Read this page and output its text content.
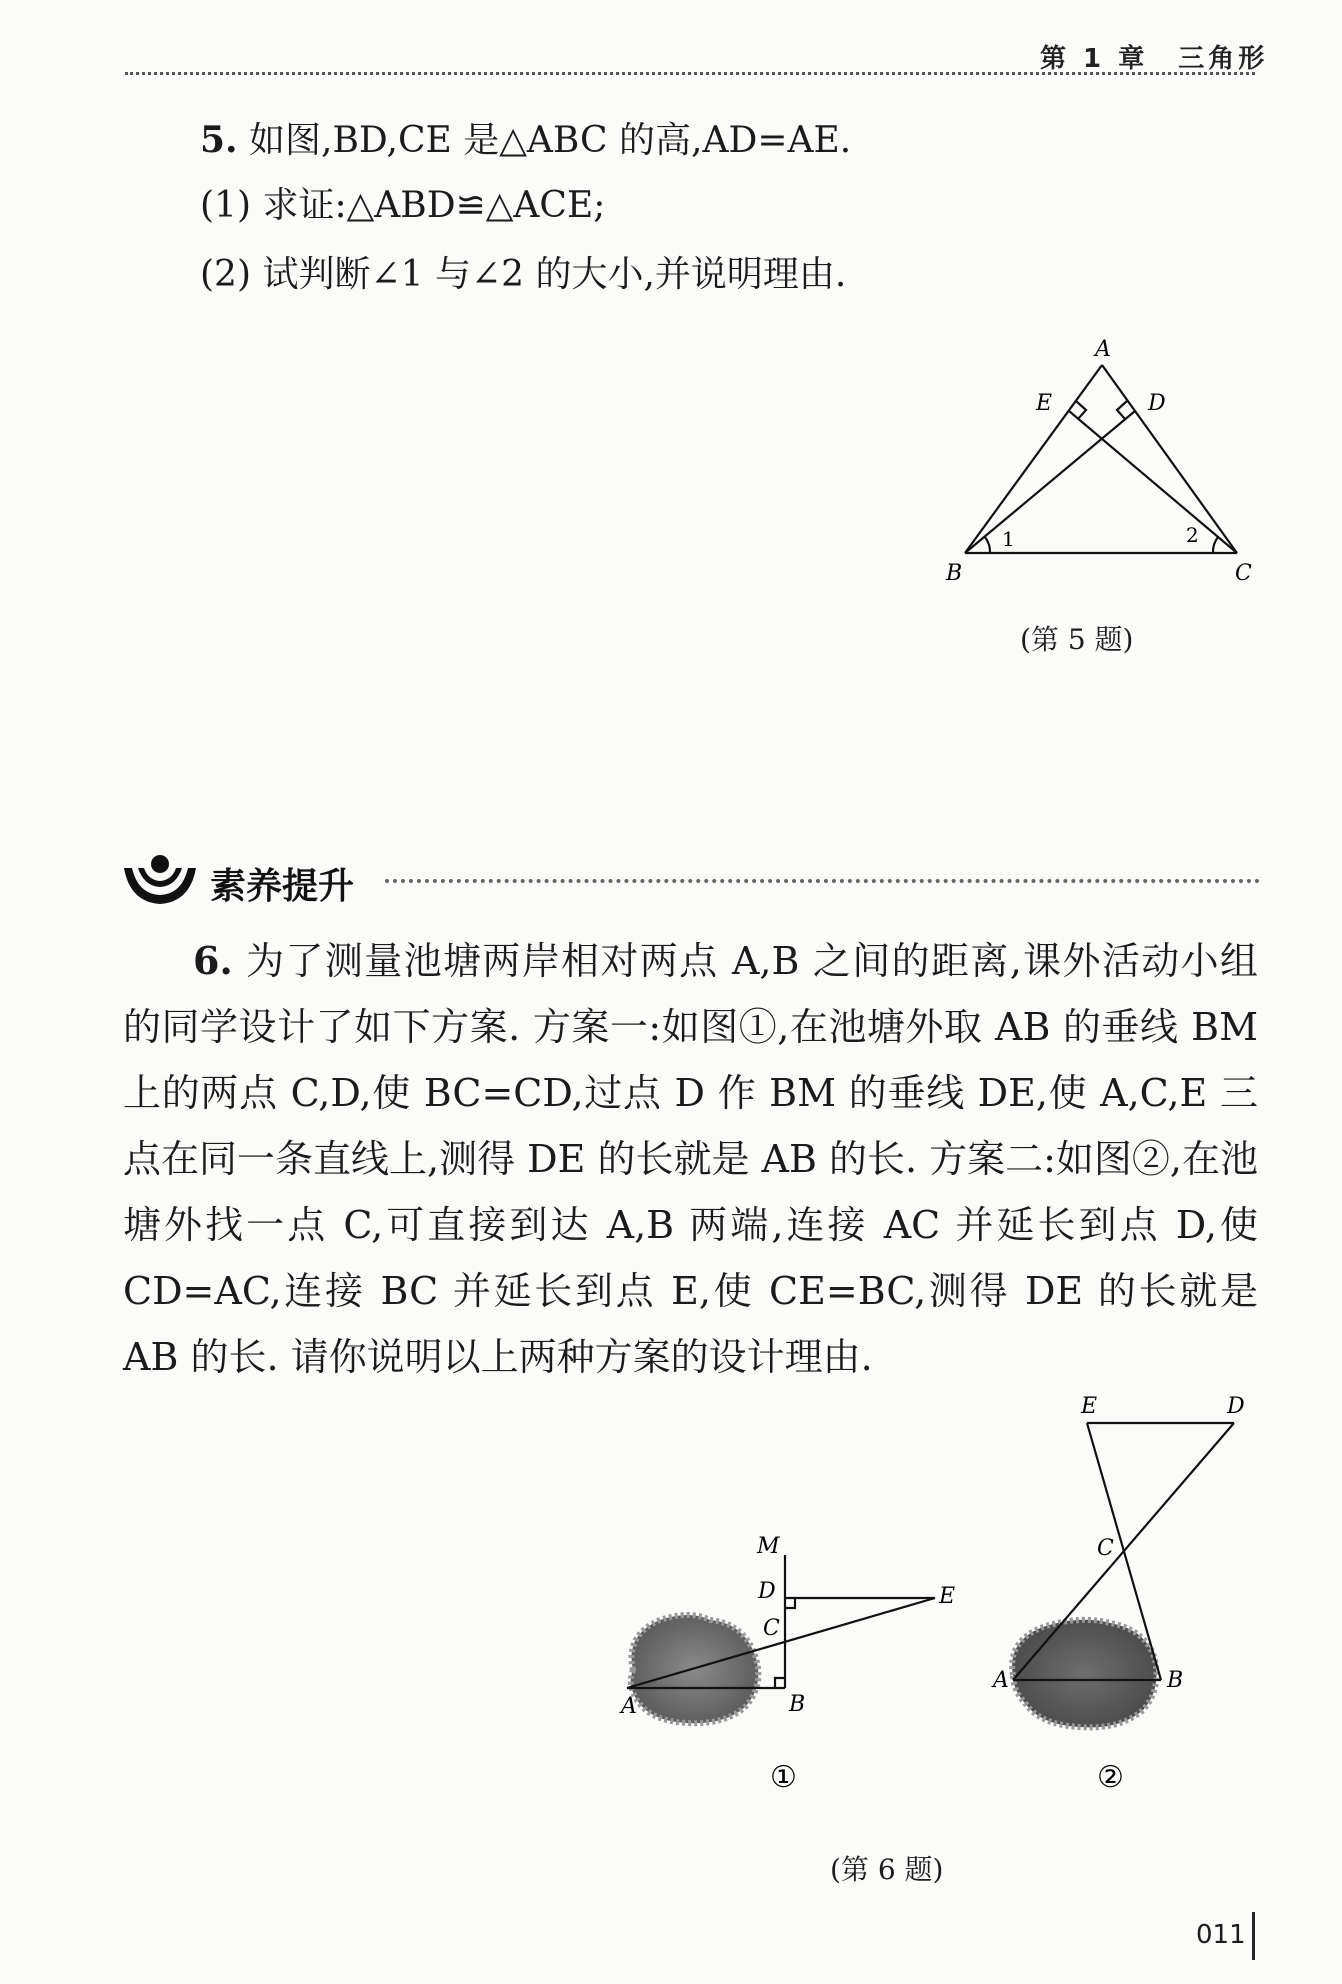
第 1 章　三角形
5. 如图,BD,CE 是△ABC 的高,AD=AE.
(1) 求证:△ABD≌△ACE;
(2) 试判断∠1 与∠2 的大小,并说明理由.
A
B	C
D
E
1	2
(第 5 题)
素养提升
6. 为了测量池塘两岸相对两点 A,B 之间的距离,课外活动小组的同学设计了如下方案. 方案一:如图①,在池塘外取 AB 的垂线 BM 上的两点 C,D,使 BC=CD,过点 D 作 BM 的垂线 DE,使 A,C,E 三点在同一条直线上,测得 DE 的长就是 AB 的长. 方案二:如图②,在池塘外找一点 C,可直接到达 A,B 两端,连接 AC 并延长到点 D,使 CD=AC,连接 BC 并延长到点 E,使 CE=BC,测得 DE 的长就是 AB 的长. 请你说明以上两种方案的设计理由.
M
D
C
E
A	B
①
E	D
C
A	B
②
(第 6 题)
011
